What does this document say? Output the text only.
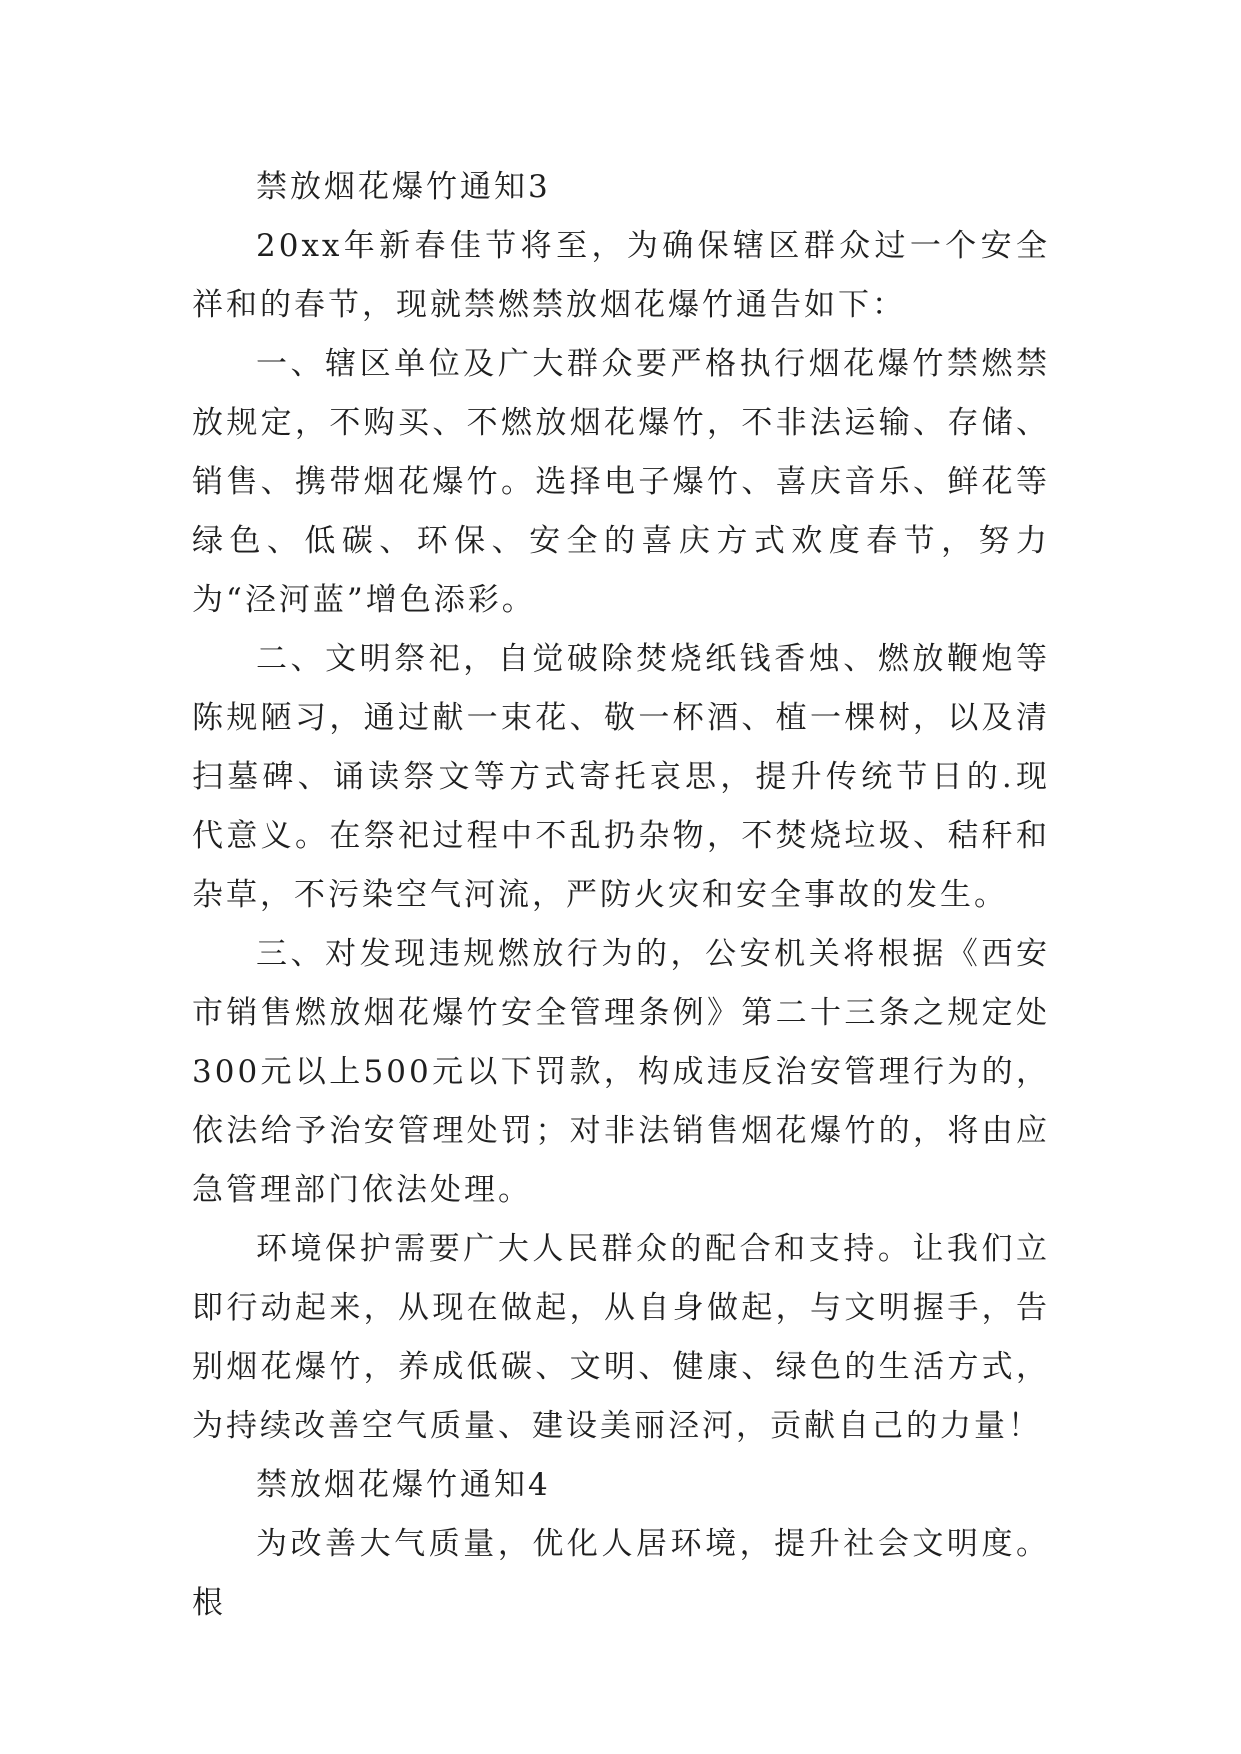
禁放烟花爆竹通知3

20xx年新春佳节将至，为确保辖区群众过一个安全祥和的春节，现就禁燃禁放烟花爆竹通告如下：

一、辖区单位及广大群众要严格执行烟花爆竹禁燃禁放规定，不购买、不燃放烟花爆竹，不非法运输、存储、销售、携带烟花爆竹。选择电子爆竹、喜庆音乐、鲜花等绿色、低碳、环保、安全的喜庆方式欢度春节，努力为“泾河蓝”增色添彩。

二、文明祭祀，自觉破除焚烧纸钱香烛、燃放鞭炮等陈规陋习，通过献一束花、敬一杯酒、植一棵树，以及清扫墓碑、诵读祭文等方式寄托哀思，提升传统节日的.现代意义。在祭祀过程中不乱扔杂物，不焚烧垃圾、秸秆和杂草，不污染空气河流，严防火灾和安全事故的发生。

三、对发现违规燃放行为的，公安机关将根据《西安市销售燃放烟花爆竹安全管理条例》第二十三条之规定处300元以上500元以下罚款，构成违反治安管理行为的，依法给予治安管理处罚；对非法销售烟花爆竹的，将由应急管理部门依法处理。

环境保护需要广大人民群众的配合和支持。让我们立即行动起来，从现在做起，从自身做起，与文明握手，告别烟花爆竹，养成低碳、文明、健康、绿色的生活方式，为持续改善空气质量、建设美丽泾河，贡献自己的力量！

禁放烟花爆竹通知4

为改善大气质量，优化人居环境，提升社会文明度。根
